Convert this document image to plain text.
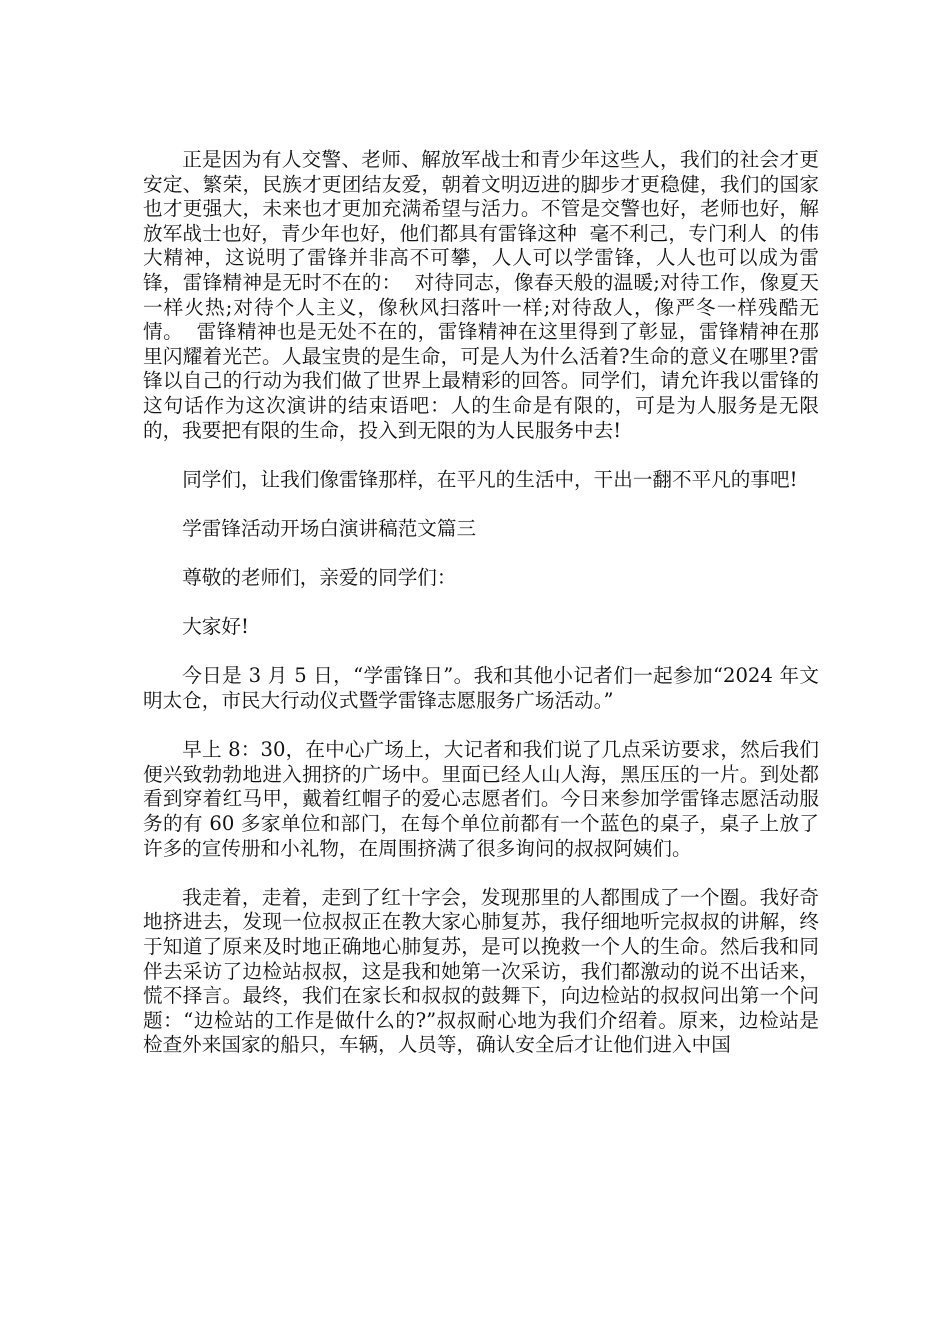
正是因为有人交警、老师、解放军战士和青少年这些人，我们的社会才更安定、繁荣，民族才更团结友爱，朝着文明迈进的脚步才更稳健，我们的国家也才更强大，未来也才更加充满希望与活力。不管是交警也好，老师也好，解放军战士也好，青少年也好，他们都具有雷锋这种  毫不利己，专门利人  的伟大精神，这说明了雷锋并非高不可攀，人人可以学雷锋，人人也可以成为雷锋，雷锋精神是无时不在的：  对待同志，像春天般的温暖;对待工作，像夏天一样火热;对待个人主义，像秋风扫落叶一样;对待敌人，像严冬一样残酷无情。  雷锋精神也是无处不在的，雷锋精神在这里得到了彰显，雷锋精神在那里闪耀着光芒。人最宝贵的是生命，可是人为什么活着?生命的意义在哪里?雷锋以自己的行动为我们做了世界上最精彩的回答。同学们，请允许我以雷锋的这句话作为这次演讲的结束语吧：人的生命是有限的，可是为人服务是无限的，我要把有限的生命，投入到无限的为人民服务中去!

同学们，让我们像雷锋那样，在平凡的生活中，干出一翻不平凡的事吧!

学雷锋活动开场白演讲稿范文篇三

尊敬的老师们，亲爱的同学们：

大家好!

今日是 3 月 5 日，“学雷锋日”。我和其他小记者们一起参加“2024 年文明太仓，市民大行动仪式暨学雷锋志愿服务广场活动。”

早上 8：30，在中心广场上，大记者和我们说了几点采访要求，然后我们便兴致勃勃地进入拥挤的广场中。里面已经人山人海，黑压压的一片。到处都看到穿着红马甲，戴着红帽子的爱心志愿者们。今日来参加学雷锋志愿活动服务的有 60 多家单位和部门，在每个单位前都有一个蓝色的桌子，桌子上放了许多的宣传册和小礼物，在周围挤满了很多询问的叔叔阿姨们。

我走着，走着，走到了红十字会，发现那里的人都围成了一个圈。我好奇地挤进去，发现一位叔叔正在教大家心肺复苏，我仔细地听完叔叔的讲解，终于知道了原来及时地正确地心肺复苏，是可以挽救一个人的生命。然后我和同伴去采访了边检站叔叔，这是我和她第一次采访，我们都激动的说不出话来，慌不择言。最终，我们在家长和叔叔的鼓舞下，向边检站的叔叔问出第一个问题：“边检站的工作是做什么的?”叔叔耐心地为我们介绍着。原来，边检站是检查外来国家的船只，车辆，人员等，确认安全后才让他们进入中国
